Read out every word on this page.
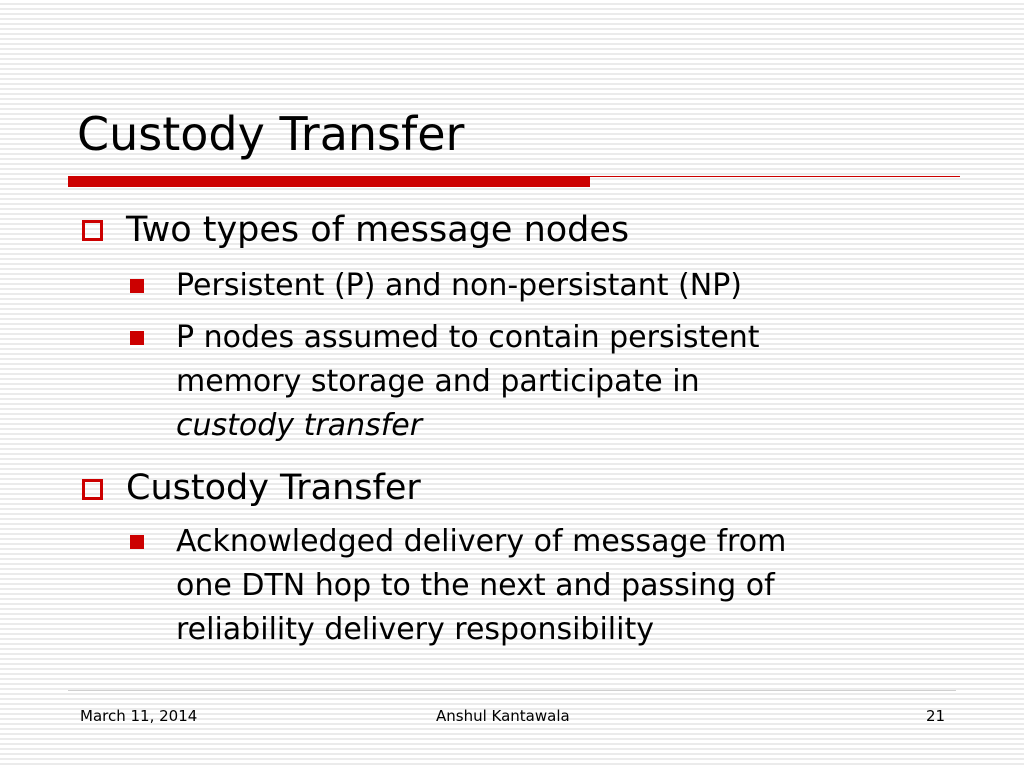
Custody Transfer
Two types of message nodes
Persistent (P) and non-persistant (NP)
P nodes assumed to contain persistent
memory storage and participate in
custody transfer
Custody Transfer
Acknowledged delivery of message from
one DTN hop to the next and passing of
reliability delivery responsibility
March 11, 2014	Anshul Kantawala	21
